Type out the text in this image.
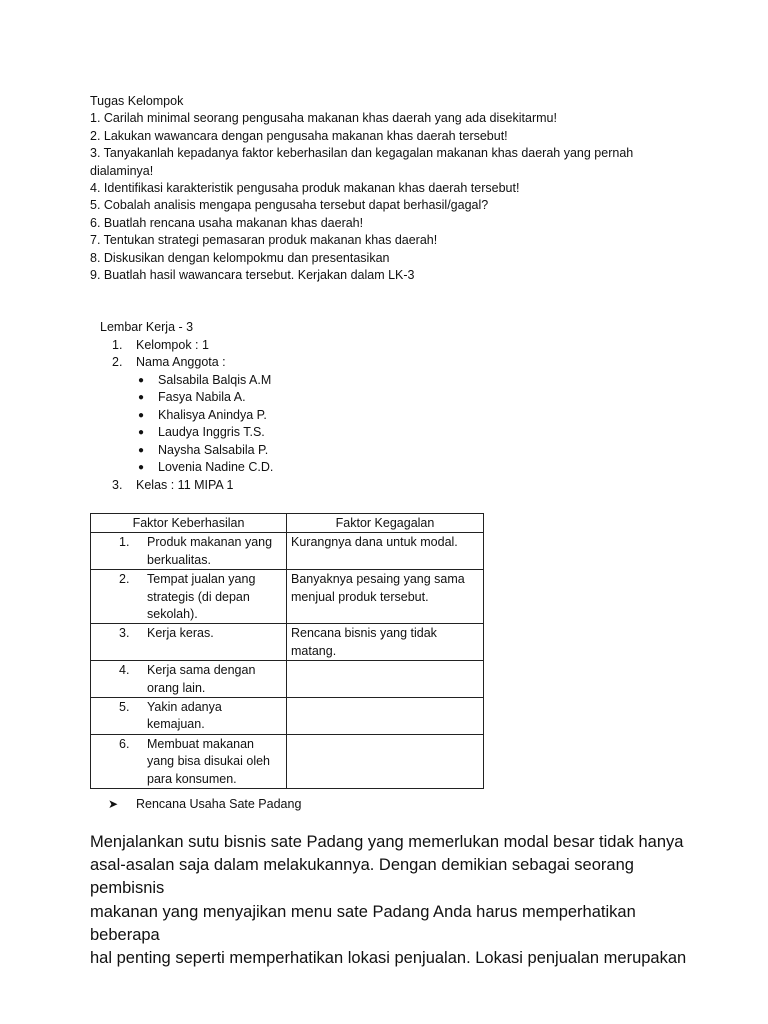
Tugas Kelompok
1. Carilah minimal seorang pengusaha makanan khas daerah yang ada disekitarmu!
2. Lakukan wawancara dengan pengusaha makanan khas daerah tersebut!
3. Tanyakanlah kepadanya faktor keberhasilan dan kegagalan makanan khas daerah yang pernah
dialaminya!
4. Identifikasi karakteristik pengusaha produk makanan khas daerah tersebut!
5. Cobalah analisis mengapa pengusaha tersebut dapat berhasil/gagal?
6. Buatlah rencana usaha makanan khas daerah!
7. Tentukan strategi pemasaran produk makanan khas daerah!
8. Diskusikan dengan kelompokmu dan presentasikan
9. Buatlah hasil wawancara tersebut. Kerjakan dalam LK-3
Lembar Kerja - 3
1. Kelompok : 1
2. Nama Anggota :
● Salsabila Balqis A.M
● Fasya Nabila A.
● Khalisya Anindya P.
● Laudya Inggris T.S.
● Naysha Salsabila P.
● Lovenia Nadine C.D.
3. Kelas : 11 MIPA 1
Faktor Keberhasilan	Faktor Kegagalan

1. Produk makanan yang berkualitas.	Kurangnya dana untuk modal.

2. Tempat jualan yang strategis (di depan sekolah).	Banyaknya pesaing yang sama menjual produk tersebut.

3. Kerja keras.	Rencana bisnis yang tidak matang.

4. Kerja sama dengan orang lain.	

5. Yakin adanya kemajuan.	

6. Membuat makanan yang bisa disukai oleh para konsumen.	

➤ Rencana Usaha Sate Padang
Menjalankan sutu bisnis sate Padang yang memerlukan modal besar tidak hanya
asal-asalan saja dalam melakukannya. Dengan demikian sebagai seorang pembisnis
makanan yang menyajikan menu sate Padang Anda harus memperhatikan beberapa
hal penting seperti memperhatikan lokasi penjualan. Lokasi penjualan merupakan
